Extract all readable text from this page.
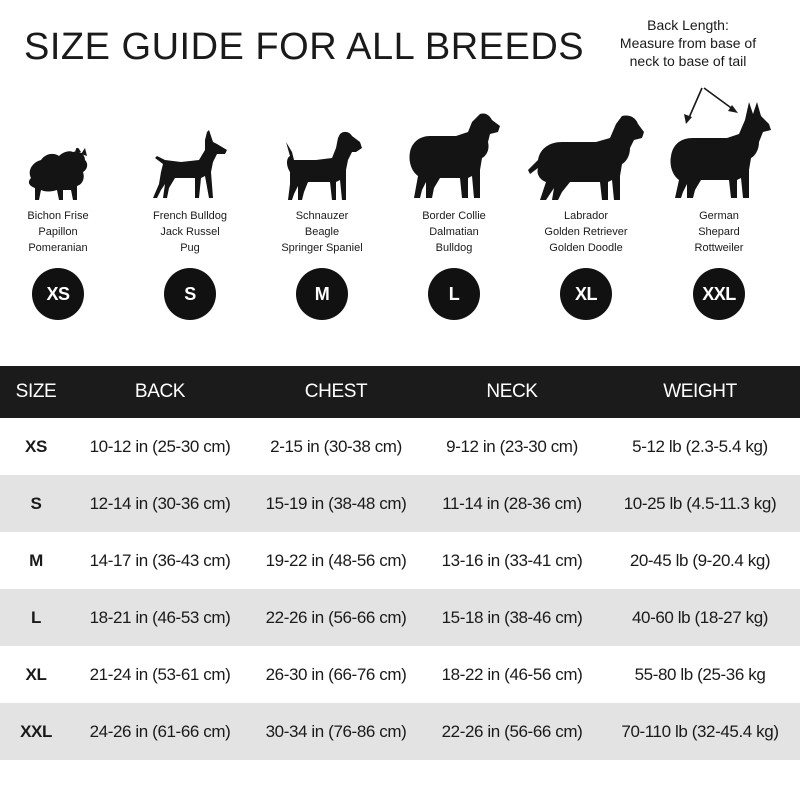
SIZE GUIDE FOR ALL BREEDS
Back Length:
Measure from base of
neck to base of tail
Bichon Frise
Papillon
Pomeranian
XS
French Bulldog
Jack Russel
Pug
S
Schnauzer
Beagle
Springer Spaniel
M
Border Collie
Dalmatian
Bulldog
L
Labrador
Golden Retriever
Golden Doodle
XL
German
Shepard
Rottweiler
XXL
SIZE	BACK	CHEST	NECK	WEIGHT
XS	10-12 in (25-30 cm)	2-15 in (30-38 cm)	9-12 in (23-30 cm)	5-12 lb (2.3-5.4 kg)
S	12-14 in (30-36 cm)	15-19 in (38-48 cm)	11-14 in (28-36 cm)	10-25 lb (4.5-11.3 kg)
M	14-17 in (36-43 cm)	19-22 in (48-56 cm)	13-16 in (33-41 cm)	20-45 lb (9-20.4 kg)
L	18-21 in (46-53 cm)	22-26 in (56-66 cm)	15-18 in (38-46 cm)	40-60 lb (18-27 kg)
XL	21-24 in (53-61 cm)	26-30 in (66-76 cm)	18-22 in (46-56 cm)	55-80 lb (25-36 kg
XXL	24-26 in (61-66 cm)	30-34 in (76-86 cm)	22-26 in (56-66 cm)	70-110 lb (32-45.4 kg)
